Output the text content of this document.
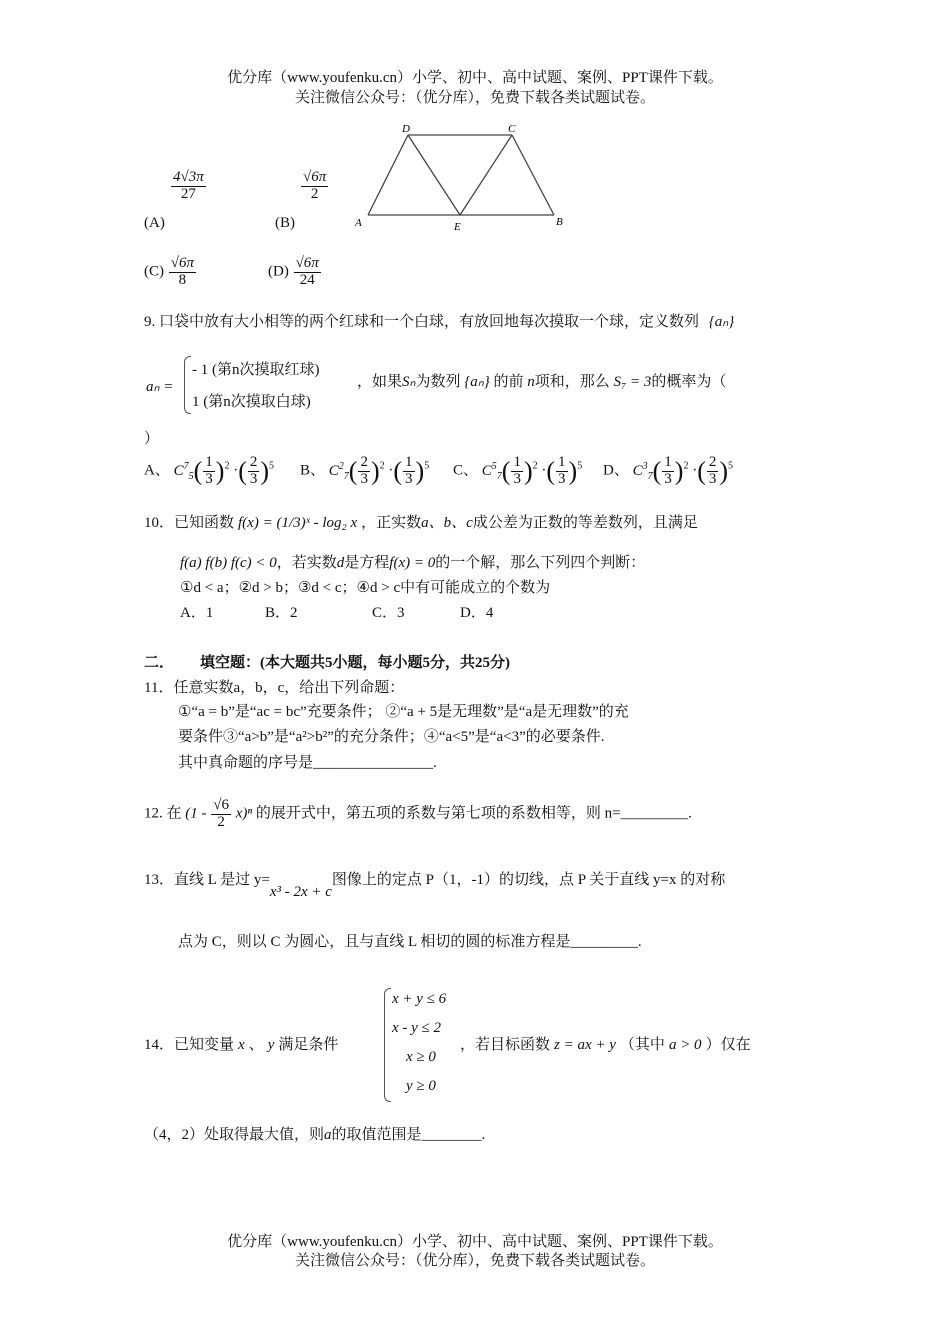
优分库（www.youfenku.cn）小学、初中、高中试题、案例、PPT课件下载。
关注微信公众号：（优分库），免费下载各类试题试卷。
D	C
A	E	B
$\frac{4√3\pi}{27}$	$\frac{√6\pi}{2}$
(A)	(B)
$(C) \frac{√6\pi}{8}$	$(D) \frac{√6\pi}{24}$
9. 口袋中放有大小相等的两个红球和一个白球，有放回地每次摸取一个球，定义数列 {aₙ}
aₙ =
- 1 (第n次摸取红球)
1 (第n次摸取白球)
，如果Sₙ为数列 {aₙ} 的前 n项和，那么 S₇ = 3的概率为（
）
A、 $C^7_5( \frac{1}{3} )^2$ ·( $\frac{2}{3} )^5$ B、 $C^2_7( \frac{2}{3} )^2$ ·( $\frac{1}{3} )^5$ C、 $C^5_7( \frac{1}{3} )^2$ ·( $\frac{1}{3} )^5$ D、 $C^3_7( \frac{1}{3} )^2$ ·( $\frac{2}{3} )^5$
10．已知函数 f(x) = (1/3)ˣ - log₂ x ，正实数a、b、c成公差为正数的等差数列，且满足
f(a) f(b) f(c) < 0，若实数d是方程f(x) = 0的一个解，那么下列四个判断：
①d < a；②d > b；③d < c；④d > c中有可能成立的个数为
A．1	B．2	C．3	D．4
二． 填空题：(本大题共5小题，每小题5分，共25分)
11．任意实数a，b，c，给出下列命题：
①“a = b”是“ac = bc”充要条件； ②“a + 5是无理数”是“a是无理数”的充
要条件③“a>b”是“a²>b²”的充分条件；④“a<5”是“a<3”的必要条件.
其中真命题的序号是________________.
12. 在 $(1 - \frac{√6}{2} x)^n$ 的展开式中，第五项的系数与第七项的系数相等，则 n=_________.
13．直线 L 是过 y=x³ - 2x + c图像上的定点 P（1，-1）的切线，点 P 关于直线 y=x 的对称
点为 C，则以 C 为圆心，且与直线 L 相切的圆的标准方程是_________.
14．已知变量 x 、 y 满足条件
x + y ≤ 6
x - y ≤ 2
x ≥ 0
y ≥ 0
，若目标函数 z = ax + y （其中 a > 0 ）仅在
（4，2）处取得最大值，则a的取值范围是________.
优分库（www.youfenku.cn）小学、初中、高中试题、案例、PPT课件下载。
关注微信公众号：（优分库），免费下载各类试题试卷。
